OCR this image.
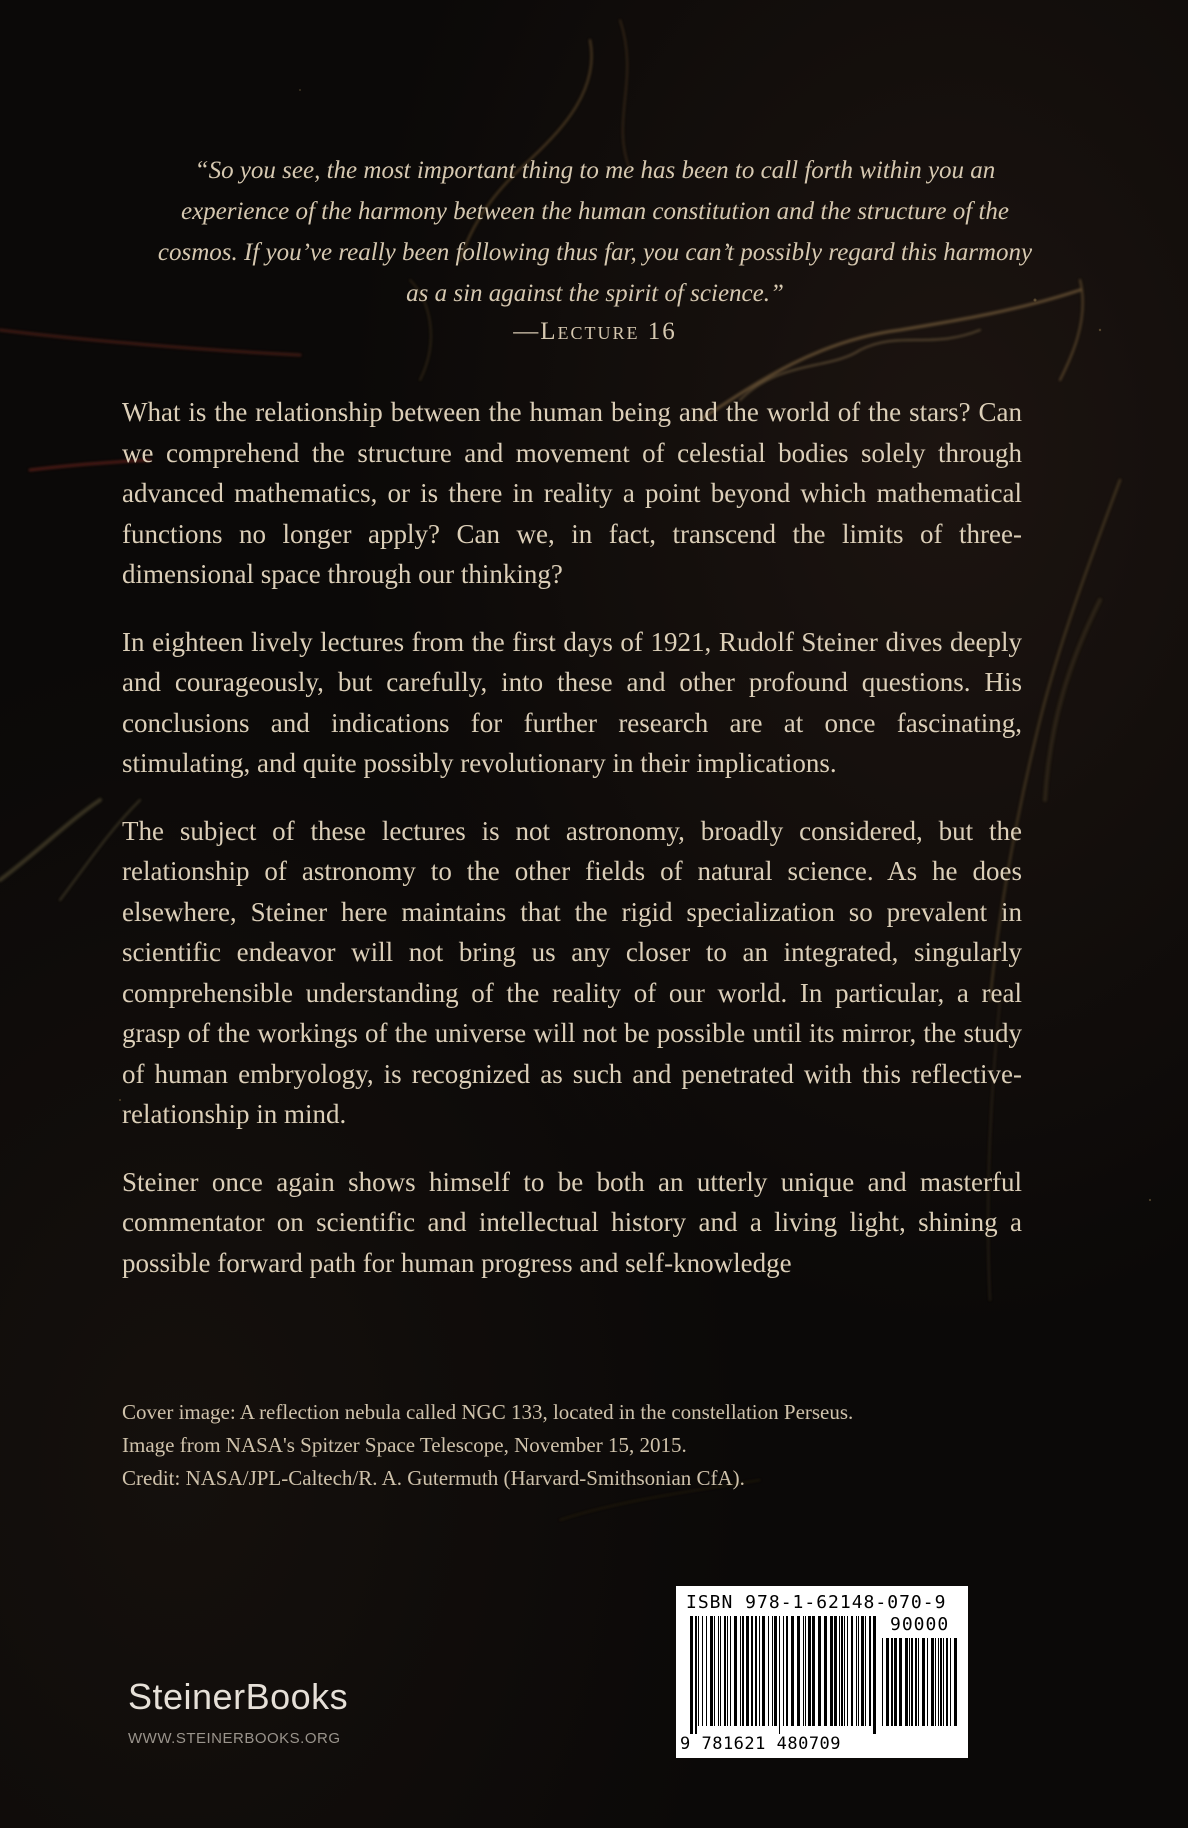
“So you see, the most important thing to me has been to call forth within you an experience of the harmony between the human constitution and the structure of the cosmos. If you’ve really been following thus far, you can’t possibly regard this harmony as a sin against the spirit of science.”
—Lecture 16

What is the relationship between the human being and the world of the stars? Can we comprehend the structure and movement of celestial bodies solely through advanced mathematics, or is there in reality a point beyond which mathematical functions no longer apply? Can we, in fact, transcend the limits of three-dimensional space through our thinking?

In eighteen lively lectures from the first days of 1921, Rudolf Steiner dives deeply and courageously, but carefully, into these and other profound questions. His conclusions and indications for further research are at once fascinating, stimulating, and quite possibly revolutionary in their implications.

The subject of these lectures is not astronomy, broadly considered, but the relationship of astronomy to the other fields of natural science. As he does elsewhere, Steiner here maintains that the rigid specialization so prevalent in scientific endeavor will not bring us any closer to an integrated, singularly comprehensible understanding of the reality of our world. In particular, a real grasp of the workings of the universe will not be possible until its mirror, the study of human embryology, is recognized as such and penetrated with this reflective-relationship in mind.

Steiner once again shows himself to be both an utterly unique and masterful commentator on scientific and intellectual history and a living light, shining a possible forward path for human progress and self-knowledge

Cover image: A reflection nebula called NGC 133, located in the constellation Perseus.
Image from NASA's Spitzer Space Telescope, November 15, 2015.
Credit: NASA/JPL-Caltech/R. A. Gutermuth (Harvard-Smithsonian CfA).
SteinerBooks
WWW.STEINERBOOKS.ORG
ISBN 978-1-62148-070-9
90000
9 781621 480709
